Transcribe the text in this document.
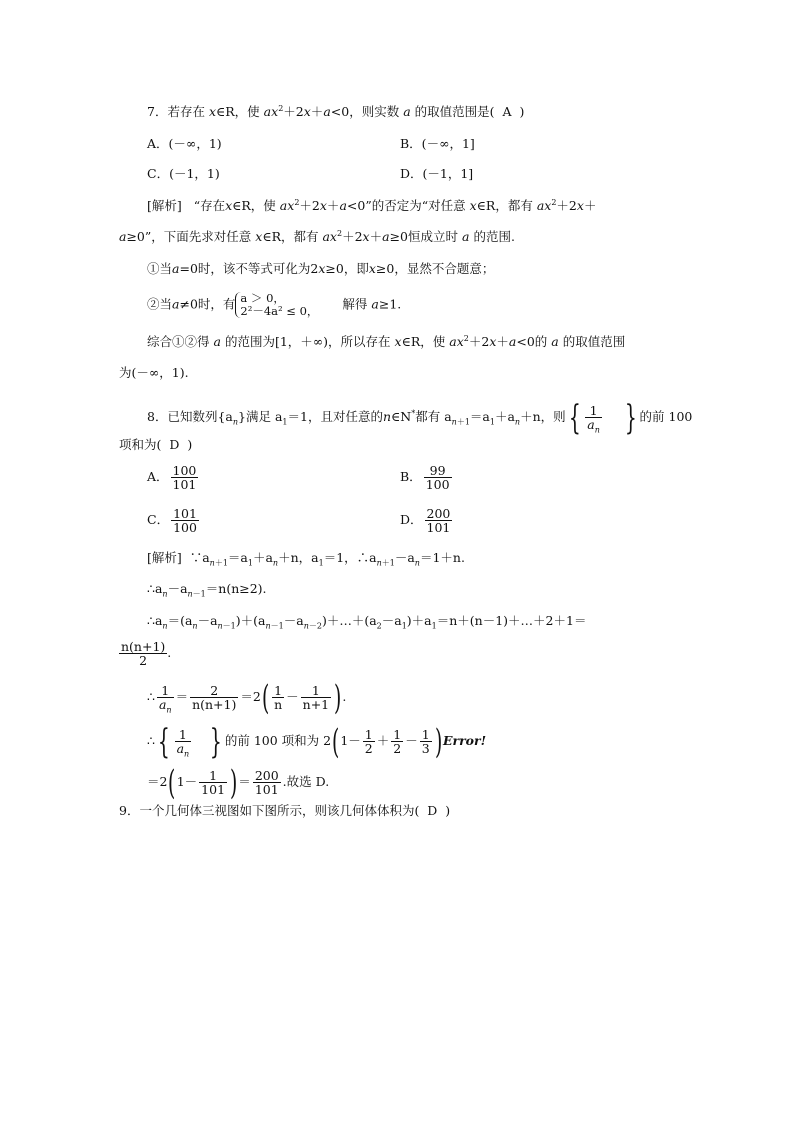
7．若存在 x∈R，使 $ax^2+2x+a<0$，则实数 a 的取值范围是( A  )
A．(－∞，1)	B．(－∞，1]
C．(－1，1)	D．(－1，1]
[解析] “存在x∈R，使 $ax^2+2x+a<0$”的否定为“对任意 x∈R，都有 $ax^2+2x+$
a≥0”，下面先求对任意 x∈R，都有 $ax^2+2x+a\ge 0$恒成立时 a 的范围.
①当a=0时，该不等式可化为2x≥0，即x≥0，显然不合题意；
②当a≠0时，有 a ＞ 0，
2²－4a² ≤ 0， 解得 a≥1.
综合①②得 a 的范围为[1，＋∞)，所以存在 x∈R，使 $ax^2+2x+a<0$的 a 的取值范围
为(－∞，1).
8．已知数列$\{a_n\}$满足 $a_1=1$，且对任意的n∈N*都有 $a_{n+1}=a_1+a_n+n$，则{ $\frac{1}{a_n}$ } 的前 100
项和为( D )
A． $\frac{100}{101}$	B． $\frac{99}{100}$
C． $\frac{101}{100}$	D． $\frac{200}{101}$
[解析] $\because a_{n+1}=a_1+a_n+n$，$a_1=1$，$\therefore a_{n+1}-a_n=1+n$.
$\therefore a_n-a_{n-1}=n(n\ge 2)$.
$\therefore a_n=(a_n-a_{n-1})+(a_{n-1}-a_{n-2})+\dots+(a_2-a_1)+a_1=n+(n-1)+\dots+2+1=$
$\frac{n(n+1)}{2}$ .
∴ $\frac{1}{a_n} = \frac{2}{n(n+1)} =2( \frac{1}{n} - \frac{1}{n+1}$ ).
∴{ $\frac{1}{a_n}$ } 的前 100 项和为 $2(1- \frac{1}{2} + \frac{1}{2} - \frac{1}{3}$ )Error!
$=2(1- \frac{1}{101}$ )＝ $\frac{200}{101}$ .故选 D.
9．一个几何体三视图如下图所示，则该几何体体积为( D )
